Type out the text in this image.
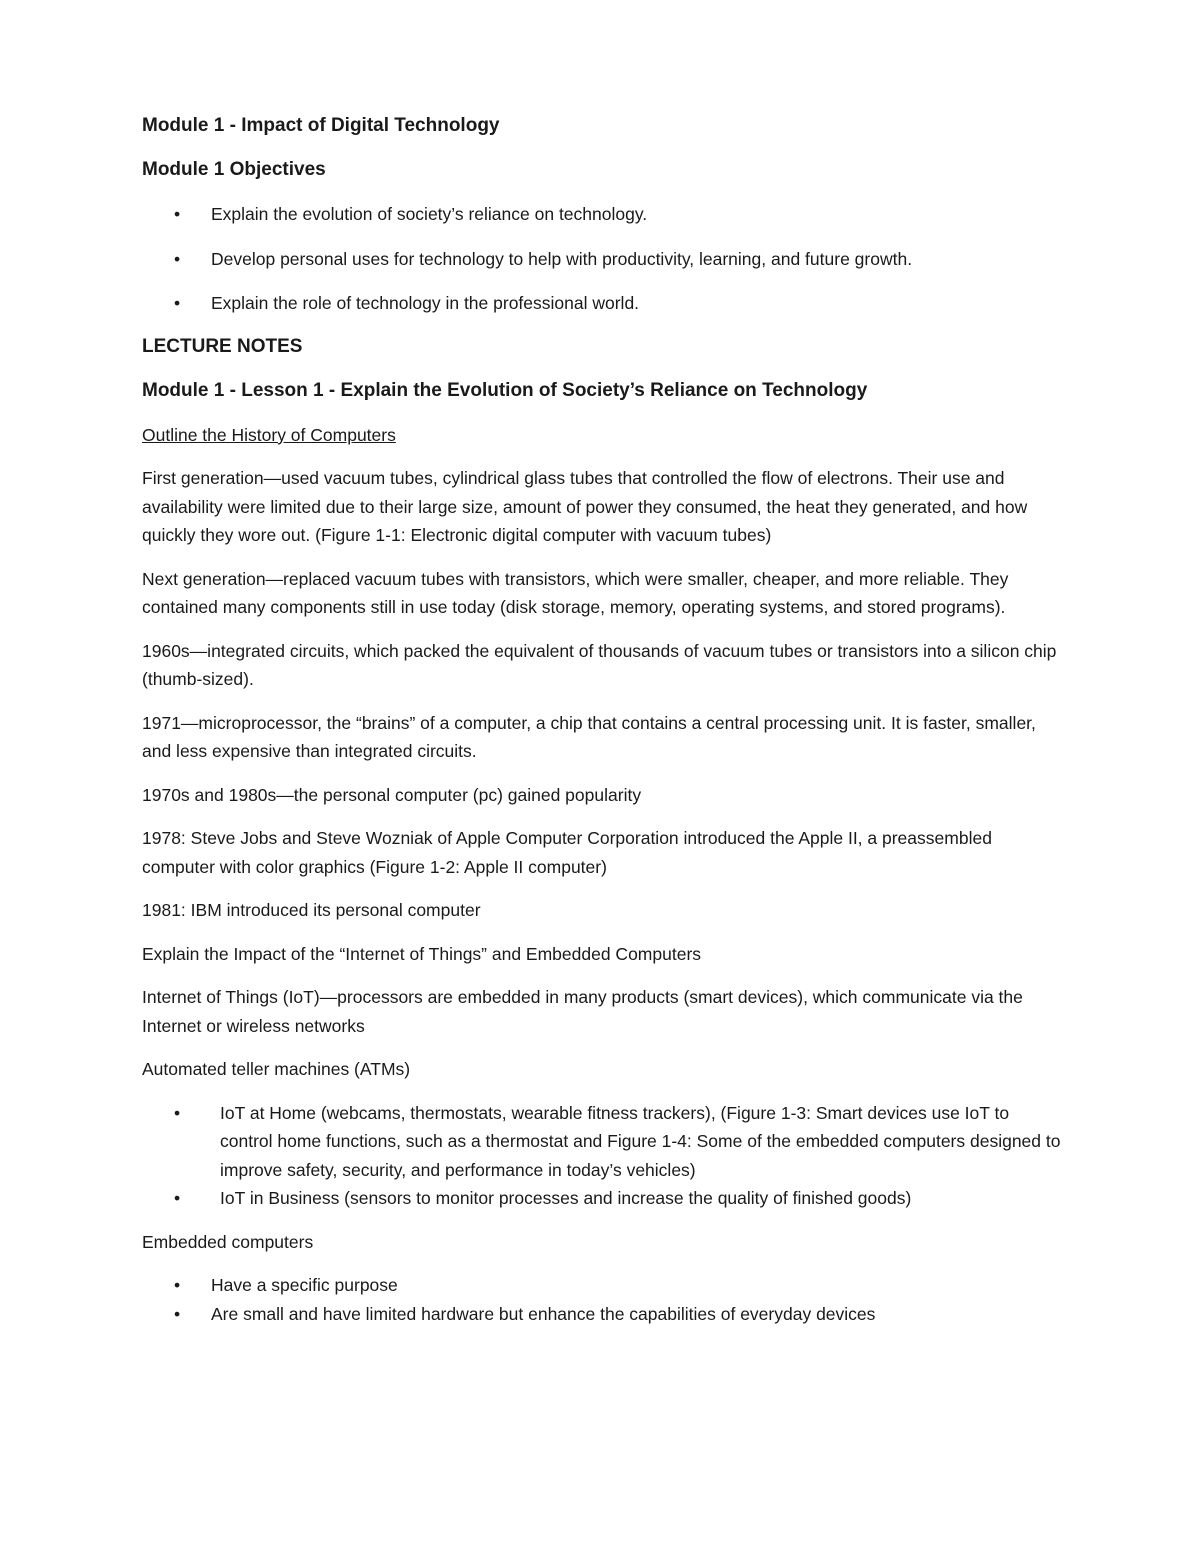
Module 1 - Impact of Digital Technology
Module 1 Objectives
• Explain the evolution of society’s reliance on technology.
• Develop personal uses for technology to help with productivity, learning, and future growth.
• Explain the role of technology in the professional world.
LECTURE NOTES
Module 1 - Lesson 1 - Explain the Evolution of Society’s Reliance on Technology
Outline the History of Computers
First generation—used vacuum tubes, cylindrical glass tubes that controlled the flow of electrons. Their use and availability were limited due to their large size, amount of power they consumed, the heat they generated, and how quickly they wore out. (Figure 1-1: Electronic digital computer with vacuum tubes)
Next generation—replaced vacuum tubes with transistors, which were smaller, cheaper, and more reliable. They contained many components still in use today (disk storage, memory, operating systems, and stored programs).
1960s—integrated circuits, which packed the equivalent of thousands of vacuum tubes or transistors into a silicon chip (thumb-sized).
1971—microprocessor, the “brains” of a computer, a chip that contains a central processing unit. It is faster, smaller, and less expensive than integrated circuits.
1970s and 1980s—the personal computer (pc) gained popularity
1978: Steve Jobs and Steve Wozniak of Apple Computer Corporation introduced the Apple II, a preassembled computer with color graphics (Figure 1-2: Apple II computer)
1981: IBM introduced its personal computer
Explain the Impact of the “Internet of Things” and Embedded Computers
Internet of Things (IoT)—processors are embedded in many products (smart devices), which communicate via the Internet or wireless networks
Automated teller machines (ATMs)
• IoT at Home (webcams, thermostats, wearable fitness trackers), (Figure 1-3: Smart devices use IoT to control home functions, such as a thermostat and Figure 1-4: Some of the embedded computers designed to improve safety, security, and performance in today’s vehicles)
• IoT in Business (sensors to monitor processes and increase the quality of finished goods)
Embedded computers
• Have a specific purpose
• Are small and have limited hardware but enhance the capabilities of everyday devices
